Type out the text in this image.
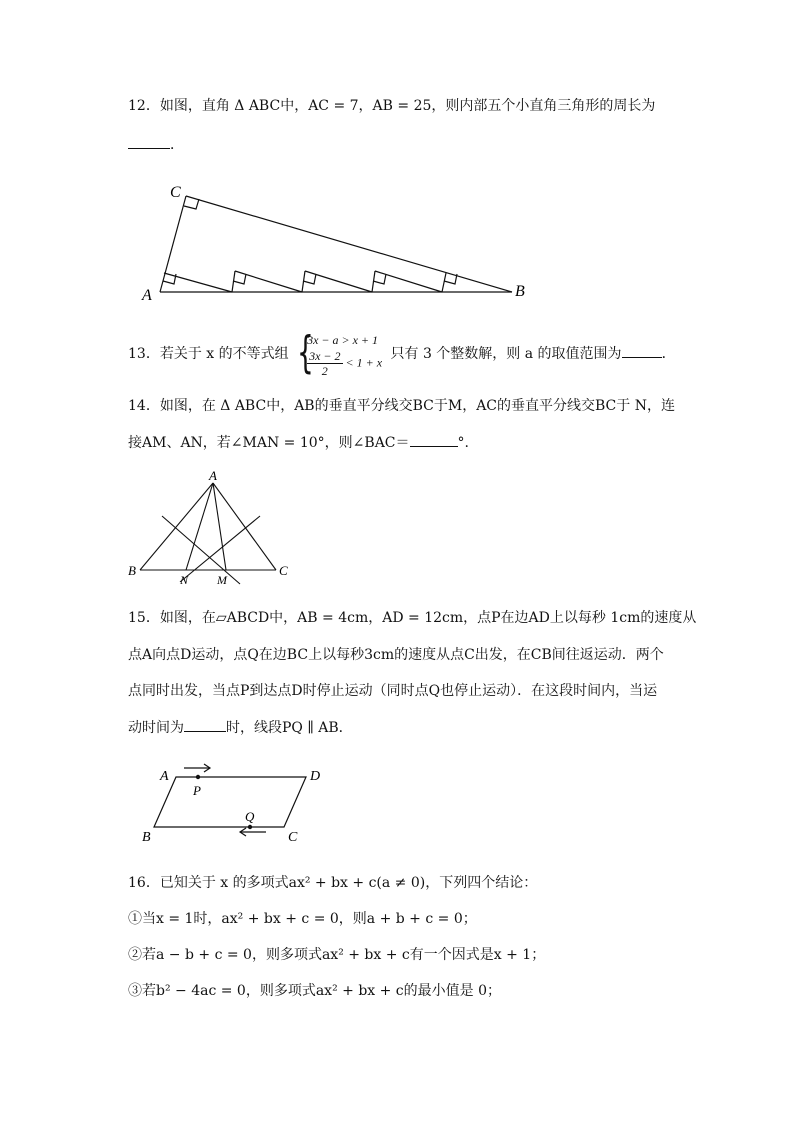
12．如图，直角 Δ ABC中，AC = 7，AB = 25，则内部五个小直角三角形的周长为
．
C
A	B
13．若关于 x 的不等式组 {
3x − a > x + 1
$\frac{3x - 2}{2} < 1 + x$ 只有 3 个整数解，则 a 的取值范围为	．
14．如图，在 Δ ABC中，AB的垂直平分线交BC于M，AC的垂直平分线交BC于 N，连
接AM、AN，若∠MAN = 10°，则∠BAC＝	°.
A
B	C
N M
15．如图，在▱ABCD中，AB = 4cm，AD = 12cm，点P在边AD上以每秒 1cm的速度从
点A向点D运动，点Q在边BC上以每秒3cm的速度从点C出发，在CB间往返运动．两个
点同时出发，当点P到达点D时停止运动（同时点Q也停止运动）．在这段时间内，当运
动时间为	时，线段PQ ∥ AB．
A	D
B	C
P
Q
16．已知关于 x 的多项式ax² + bx + c(a ≠ 0)，下列四个结论：
①当x = 1时，ax² + bx + c = 0，则a + b + c = 0；
②若a − b + c = 0，则多项式ax² + bx + c有一个因式是x + 1；
③若b² − 4ac = 0，则多项式ax² + bx + c的最小值是 0；
